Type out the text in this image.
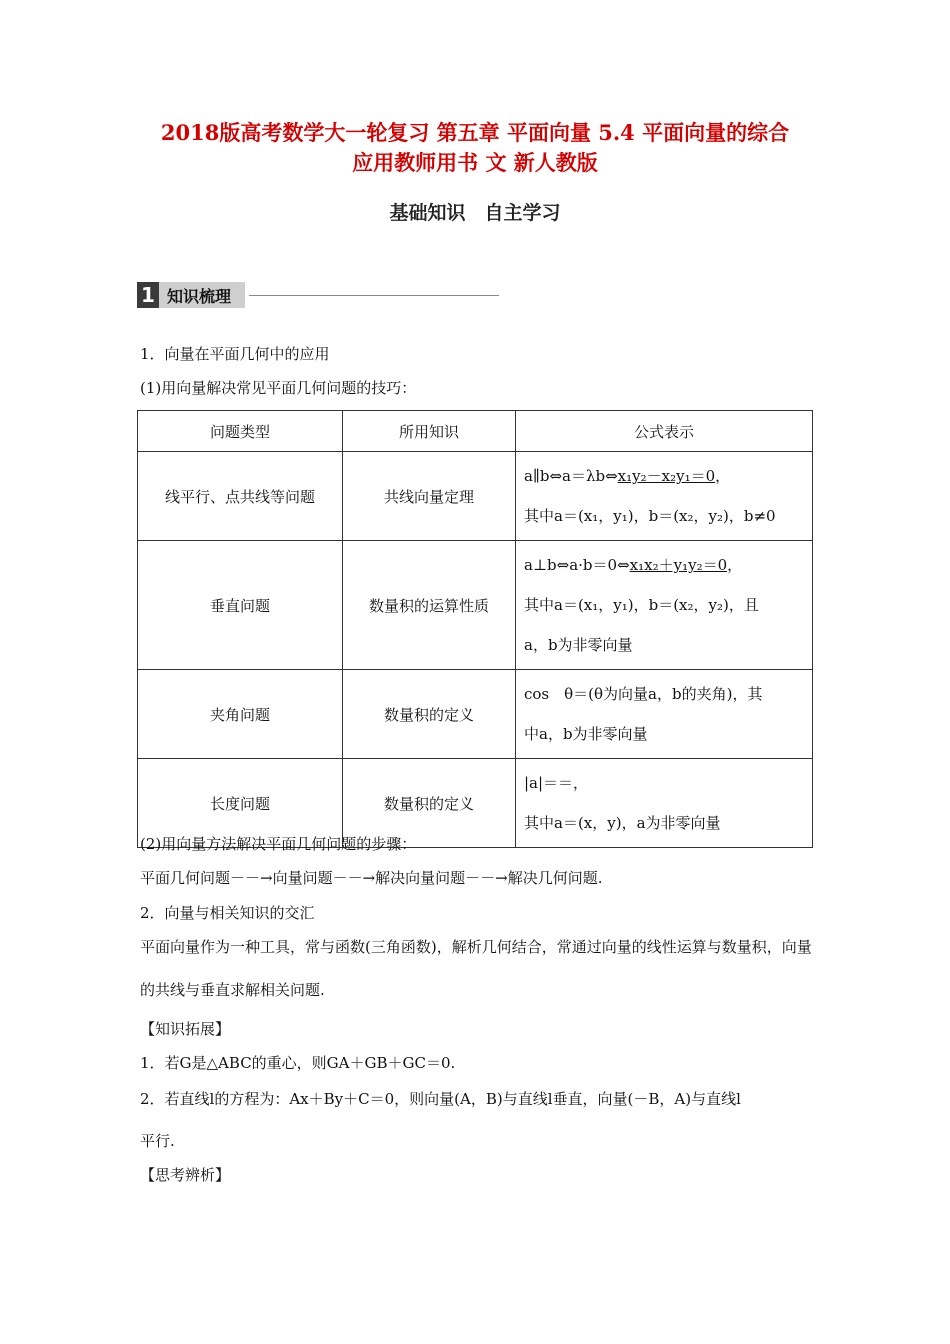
2018版高考数学大一轮复习 第五章 平面向量 5.4 平面向量的综合
应用教师用书 文 新人教版
基础知识　自主学习
1 知识梳理
1．向量在平面几何中的应用
(1)用向量解决常见平面几何问题的技巧：
问题类型	所用知识	公式表示
线平行、点共线等问题	共线向量定理	a∥b⇔a＝λb⇔x₁y₂－x₂y₁＝0，
其中a＝(x₁，y₁)，b＝(x₂，y₂)，b≠0

垂直问题	数量积的运算性质	a⊥b⇔a·b＝0⇔x₁x₂＋y₁y₂＝0，
其中a＝(x₁，y₁)，b＝(x₂，y₂)，且
a，b为非零向量

夹角问题	数量积的定义	cos　θ＝(θ为向量a，b的夹角)，其
中a，b为非零向量

长度问题	数量积的定义	|a|＝＝，
其中a＝(x，y)，a为非零向量
(2)用向量方法解决平面几何问题的步骤：
平面几何问题－－→向量问题－－→解决向量问题－－→解决几何问题.
2．向量与相关知识的交汇
平面向量作为一种工具，常与函数(三角函数)，解析几何结合，常通过向量的线性运算与数量积，向量的共线与垂直求解相关问题.
【知识拓展】
1．若G是△ABC的重心，则GA＋GB＋GC＝0.
2．若直线l的方程为：Ax＋By＋C＝0，则向量(A，B)与直线l垂直，向量(－B，A)与直线l
平行.
【思考辨析】
